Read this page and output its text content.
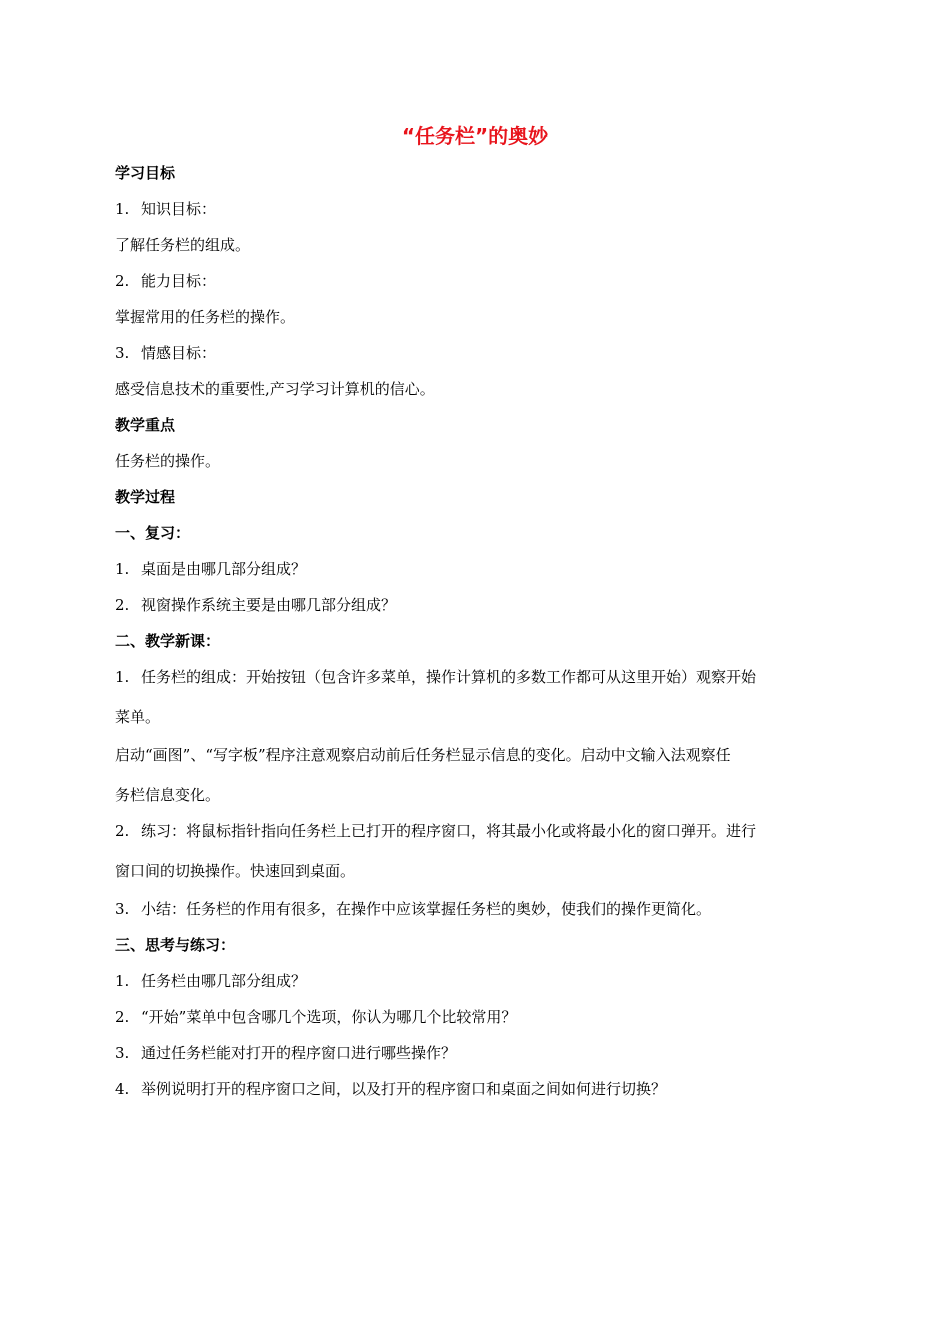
“任务栏”的奥妙
学习目标
1. 知识目标：
了解任务栏的组成。
2. 能力目标：
掌握常用的任务栏的操作。
3. 情感目标：
感受信息技术的重要性,产习学习计算机的信心。
教学重点
任务栏的操作。
教学过程
一、复习：
1. 桌面是由哪几部分组成？
2. 视窗操作系统主要是由哪几部分组成？
二、教学新课：
1. 任务栏的组成：开始按钮（包含许多菜单，操作计算机的多数工作都可从这里开始）观察开始
菜单。
启动“画图”、“写字板”程序注意观察启动前后任务栏显示信息的变化。启动中文输入法观察任
务栏信息变化。
2. 练习：将鼠标指针指向任务栏上已打开的程序窗口，将其最小化或将最小化的窗口弹开。进行
窗口间的切换操作。快速回到桌面。
3. 小结：任务栏的作用有很多，在操作中应该掌握任务栏的奥妙，使我们的操作更简化。
三、思考与练习：
1. 任务栏由哪几部分组成？
2. “开始”菜单中包含哪几个选项，你认为哪几个比较常用？
3. 通过任务栏能对打开的程序窗口进行哪些操作？
4. 举例说明打开的程序窗口之间，以及打开的程序窗口和桌面之间如何进行切换？
